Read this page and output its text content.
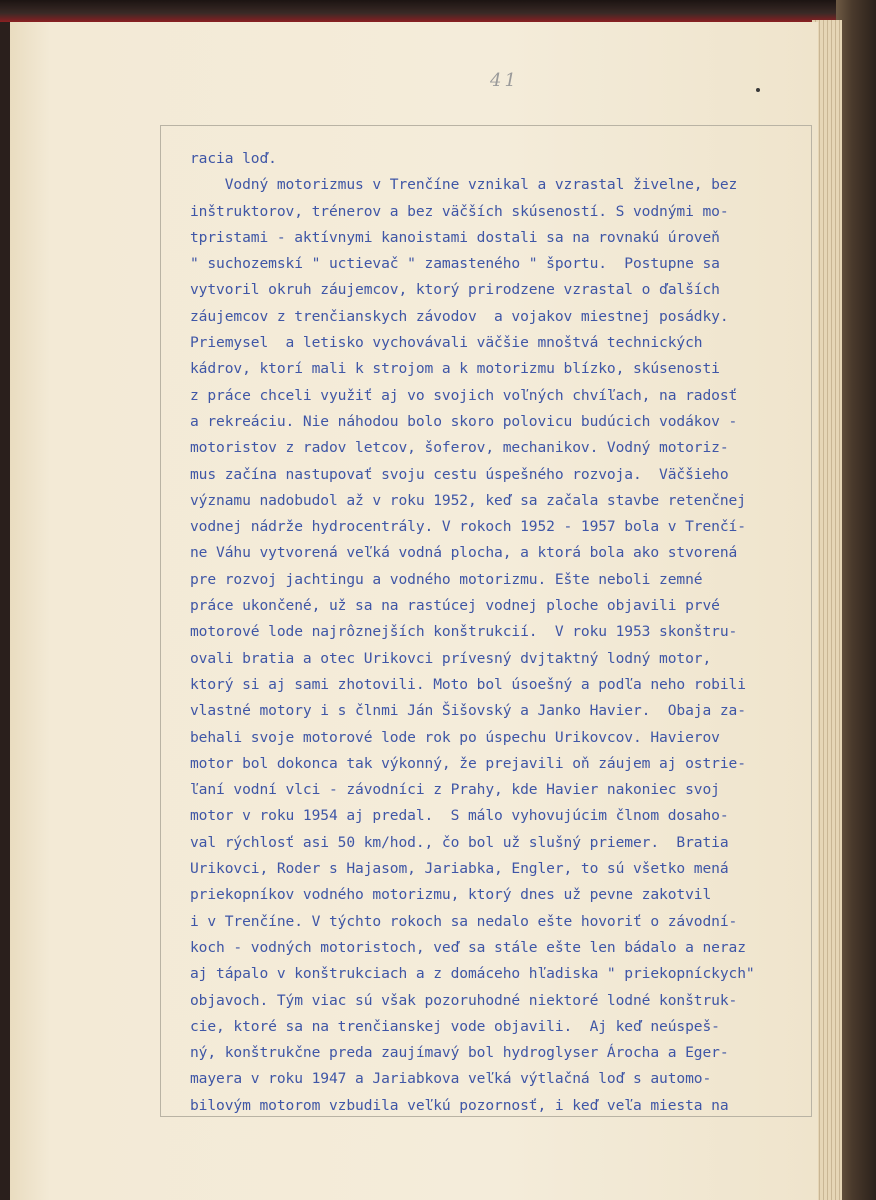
41
racia loď.
Vodný motorizmus v Trenčíne vznikal a vzrastal živelne, bez
inštruktorov, trénerov a bez väčších skúseností. S vodnými mo-
tpristami - aktívnymi kanoistami dostali sa na rovnakú úroveň
" suchozemskí " uctievač " zamasteného " športu.  Postupne sa
vytvoril okruh záujemcov, ktorý prirodzene vzrastal o ďalších
záujemcov z trenčianskych závodov  a vojakov miestnej posádky.
Priemysel  a letisko vychovávali väčšie mnoštvá technických
kádrov, ktorí mali k strojom a k motorizmu blízko, skúsenosti
z práce chceli využiť aj vo svojich voľných chvíľach, na radosť
a rekreáciu. Nie náhodou bolo skoro polovicu budúcich vodákov -
motoristov z radov letcov, šoferov, mechanikov. Vodný motoriz-
mus začína nastupovať svoju cestu úspešného rozvoja.  Väčšieho
významu nadobudol až v roku 1952, keď sa začala stavbe retenčnej
vodnej nádrže hydrocentrály. V rokoch 1952 - 1957 bola v Trenčí-
ne Váhu vytvorená veľká vodná plocha, a ktorá bola ako stvorená
pre rozvoj jachtingu a vodného motorizmu. Ešte neboli zemné
práce ukončené, už sa na rastúcej vodnej ploche objavili prvé
motorové lode najrôznejších konštrukcií.  V roku 1953 skonštru-
ovali bratia a otec Urikovci prívesný dvjtaktný lodný motor,
ktorý si aj sami zhotovili. Moto bol úsoešný a podľa neho robili
vlastné motory i s člnmi Ján Šišovský a Janko Havier.  Obaja za-
behali svoje motorové lode rok po úspechu Urikovcov. Havierov
motor bol dokonca tak výkonný, že prejavili oň záujem aj ostrie-
ľaní vodní vlci - závodníci z Prahy, kde Havier nakoniec svoj
motor v roku 1954 aj predal.  S málo vyhovujúcim člnom dosaho-
val rýchlosť asi 50 km/hod., čo bol už slušný priemer.  Bratia
Urikovci, Roder s Hajasom, Jariabka, Engler, to sú všetko mená
priekopníkov vodného motorizmu, ktorý dnes už pevne zakotvil
i v Trenčíne. V týchto rokoch sa nedalo ešte hovoriť o závodní-
koch - vodných motoristoch, veď sa stále ešte len bádalo a neraz
aj tápalo v konštrukciach a z domáceho hľadiska " priekopníckych"
objavoch. Tým viac sú však pozoruhodné niektoré lodné konštruk-
cie, ktoré sa na trenčianskej vode objavili.  Aj keď neúspeš-
ný, konštrukčne preda zaujímavý bol hydroglyser Árocha a Eger-
mayera v roku 1947 a Jariabkova veľká výtlačná loď s automo-
bilovým motorom vzbudila veľkú pozornosť, i keď veľa miesta na
